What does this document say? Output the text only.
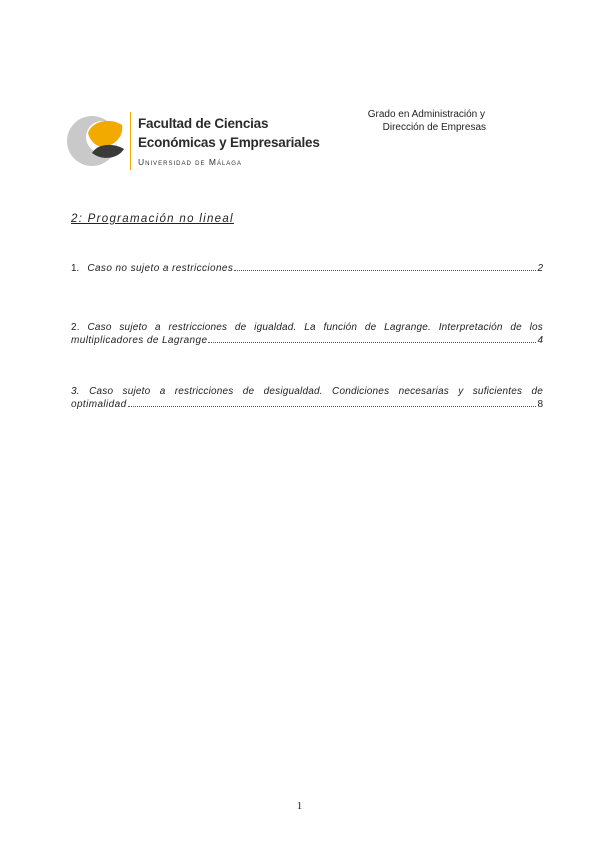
Facultad de Ciencias
Económicas y Empresariales
Universidad de Málaga
Grado en Administración y
Dirección de Empresas
2: Programación no lineal
1. Caso no sujeto a restricciones	2
2. Caso sujeto a restricciones de igualdad. La función de Lagrange. Interpretación de los
multiplicadores de Lagrange	4
3. Caso sujeto a restricciones de desigualdad. Condiciones necesarias y suficientes de
optimalidad	8
1
